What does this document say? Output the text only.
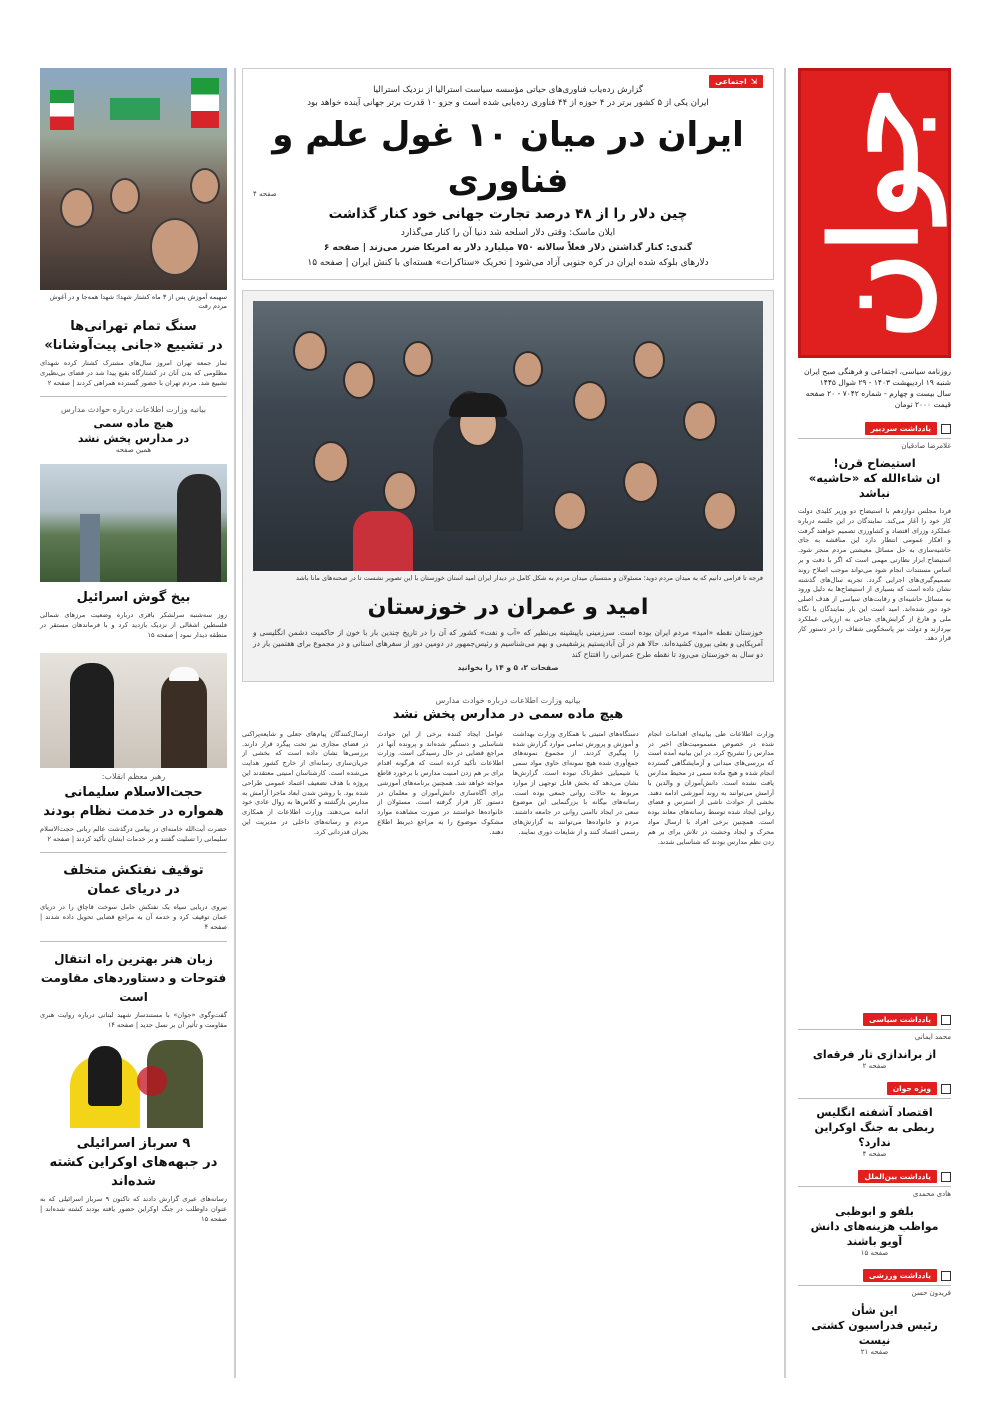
جوان
روزنامه سیاسی، اجتماعی و فرهنگی صبح ایران
شنبه ۱۹ اردیبهشت ۱۴۰۳ - ۲۹ شوال ۱۴۴۵
سال بیست و چهارم - شماره ۷۰۴۲ - ۲۰ صفحه
قیمت ۲۰۰۰ تومان
یادداشت سردبیر
غلامرضا صادقیان
استیضاح قرن!
ان شاءالله که «حاشیه» نباشد
فردا مجلس دوازدهم با استیضاح دو وزیر کلیدی دولت کار خود را آغاز می‌کند. نمایندگان در این جلسه درباره عملکرد وزرای اقتصاد و کشاورزی تصمیم خواهند گرفت و افکار عمومی انتظار دارد این مناقشه به جای حاشیه‌سازی به حل مسائل معیشتی مردم منجر شود. استیضاح ابزار نظارتی مهمی است که اگر با دقت و بر اساس مستندات انجام شود می‌تواند موجب اصلاح روند تصمیم‌گیری‌های اجرایی گردد. تجربه سال‌های گذشته نشان داده است که بسیاری از استیضاح‌ها به دلیل ورود به مسائل حاشیه‌ای و رقابت‌های سیاسی از هدف اصلی خود دور شده‌اند. امید است این بار نمایندگان با نگاه ملی و فارغ از گرایش‌های جناحی به ارزیابی عملکرد بپردازند و دولت نیز پاسخگویی شفاف را در دستور کار قرار دهد.
یادداشت سیاسی
محمد ایمانی
از براندازی تار فرقه‌ای
صفحه ۲
ویژه جوان
اقتصاد آشفته انگلیس
ربطی به جنگ اوکراین ندارد؟
صفحه ۴
یادداشت بین‌الملل
هادی محمدی
بلفو و ابوظبی
مواظب هزینه‌های دانش آویو باشند
صفحه ۱۵
یادداشت ورزشی
فریدون حسن
این شأن
رئیس فدراسیون کشتی نیست
صفحه ۲۱
⇲
اجتماعی
گزارش رده‌یاب فناوری‌های حیاتی مؤسسه سیاست استرالیا از نزدیک استرالیا
ایران یکی از ۵ کشور برتر در ۴ حوزه از ۴۴ فناوری رده‌یابی شده است و جزو ۱۰ قدرت برتر جهانی آینده خواهد بود
ایران در میان ۱۰ غول علم و فناوری
صفحه ۴
چین دلار را از ۴۸ درصد تجارت جهانی خود کنار گذاشت
ایلان ماسک: وقتی دلار اسلحه شد دنیا آن را کنار می‌گذارد
گندی: کنار گذاشتن دلار فعلاً سالانه ۷۵۰ میلیارد دلار به امریکا ضرر می‌زند | صفحه ۶
دلارهای بلوکه شده ایران در کره جنوبی آزاد می‌شود | تحریک «ستاکرات» هسته‌ای با کنش ایران | صفحه ۱۵
فرجه تا فرامی دانیم که به میدان مردم دوید؛ مسئولان و منتسبان میدان مردم به شکل کامل در دیدار ایران امید استان خوزستان با این تصویر نشست تا در صحنه‌های مانا باشد
امید و عمران در خوزستان
خوزستان نقطه «امید» مردم ایران بوده است. سرزمینی باپیشینه بی‌نظیر که «آب و نفت» کشور که آن را در تاریخ چندین بار با خون از حاکمیت دشمن انگلیسی و آمریکایی و بعثی بیرون کشیده‌اند. حالا هم در آن آبادیستیم یزشفیمی و بهم می‌شناسیم و رئیس‌جمهور در دومین دور از سفرهای استانی و در مجموع برای هفتمین بار در دو سال به خوزستان می‌رود تا نقطه طرح عمرانی را افتتاح کند
صفحات ۲، ۵ و ۱۴ را بخوانید
بیانیه وزارت اطلاعات درباره خوادث مدارس
هیچ ماده سمی در مدارس پخش نشد
وزارت اطلاعات طی بیانیه‌ای اقدامات انجام شده در خصوص مسمومیت‌های اخیر در مدارس را تشریح کرد. در این بیانیه آمده است که بررسی‌های میدانی و آزمایشگاهی گسترده انجام شده و هیچ ماده سمی در محیط مدارس یافت نشده است. دانش‌آموزان و والدین با آرامش می‌توانند به روند آموزشی ادامه دهند. بخشی از حوادث ناشی از استرس و فضای روانی ایجاد شده توسط رسانه‌های معاند بوده است. همچنین برخی افراد با ارسال مواد محرک و ایجاد وحشت در تلاش برای بر هم زدن نظم مدارس بودند که شناسایی شدند.
دستگاه‌های امنیتی با همکاری وزارت بهداشت و آموزش و پرورش تمامی موارد گزارش شده را پیگیری کردند. از مجموع نمونه‌های جمع‌آوری شده هیچ نمونه‌ای حاوی مواد سمی یا شیمیایی خطرناک نبوده است. گزارش‌ها نشان می‌دهد که بخش قابل توجهی از موارد مربوط به حالات روانی جمعی بوده است. رسانه‌های بیگانه با بزرگنمایی این موضوع سعی در ایجاد ناامنی روانی در جامعه داشتند. مردم و خانواده‌ها می‌توانند به گزارش‌های رسمی اعتماد کنند و از شایعات دوری نمایند.
عوامل ایجاد کننده برخی از این حوادث شناسایی و دستگیر شده‌اند و پرونده آنها در مراجع قضایی در حال رسیدگی است. وزارت اطلاعات تأکید کرده است که هرگونه اقدام برای بر هم زدن امنیت مدارس با برخورد قاطع مواجه خواهد شد. همچنین برنامه‌های آموزشی برای آگاه‌سازی دانش‌آموزان و معلمان در دستور کار قرار گرفته است. مسئولان از خانواده‌ها خواستند در صورت مشاهده موارد مشکوک موضوع را به مراجع ذیربط اطلاع دهند.
ارسال‌کنندگان پیام‌های جعلی و شایعه‌پراکنی در فضای مجازی نیز تحت پیگرد قرار دارند. بررسی‌ها نشان داده است که بخشی از جریان‌سازی رسانه‌ای از خارج کشور هدایت می‌شده است. کارشناسان امنیتی معتقدند این پروژه با هدف تضعیف اعتماد عمومی طراحی شده بود. با روشن شدن ابعاد ماجرا آرامش به مدارس بازگشته و کلاس‌ها به روال عادی خود ادامه می‌دهند. وزارت اطلاعات از همکاری مردم و رسانه‌های داخلی در مدیریت این بحران قدردانی کرد.
سهیمه آموزش پس از ۳ ماه کشتار شهدا؛ شهدا همه‌جا و در آغوش مردم رفت
سنگ تمام تهرانی‌ها
در تشییع «جانی پیت‌آوشانا»
نماز جمعه تهران امروز سال‌های مشترک کشتار کرده شهدای مظلومی که بدن آنان در کشتارگاه بقیع پیدا شد در فضای بی‌نظیری تشییع شد. مردم تهران با حضور گسترده همراهی کردند | صفحه ۲
بیانیه وزارت اطلاعات درباره حوادث مدارس
هیچ ماده سمی
در مدارس پخش نشد
همین صفحه
بیخ گوش اسرائیل
روز سه‌شنبه سرلشکر باقری درباره وضعیت مرزهای شمالی فلسطین اشغالی از نزدیک بازدید کرد و با فرماندهان مستقر در منطقه دیدار نمود | صفحه ۱۵
رهبر معظم انقلاب:
حجت‌الاسلام سلیمانی
همواره در خدمت نظام بودند
حضرت آیت‌الله خامنه‌ای در پیامی درگذشت عالم ربانی حجت‌الاسلام سلیمانی را تسلیت گفتند و بر خدمات ایشان تأکید کردند | صفحه ۲
توقیف نفتکش متخلف
در دریای عمان
نیروی دریایی سپاه یک نفتکش حامل سوخت قاچاق را در دریای عمان توقیف کرد و خدمه آن به مراجع قضایی تحویل داده شدند | صفحه ۴
زبان هنر بهترین راه انتقال
فتوحات و دستاوردهای مقاومت است
گفت‌وگوی «جوان» با مستندساز شهید لبنانی درباره روایت هنری مقاومت و تأثیر آن بر نسل جدید | صفحه ۱۴
۹ سرباز اسرائیلی
در جبهه‌های اوکراین کشته شده‌اند
رسانه‌های عبری گزارش دادند که تاکنون ۹ سرباز اسرائیلی که به عنوان داوطلب در جنگ اوکراین حضور یافته بودند کشته شده‌اند | صفحه ۱۵
